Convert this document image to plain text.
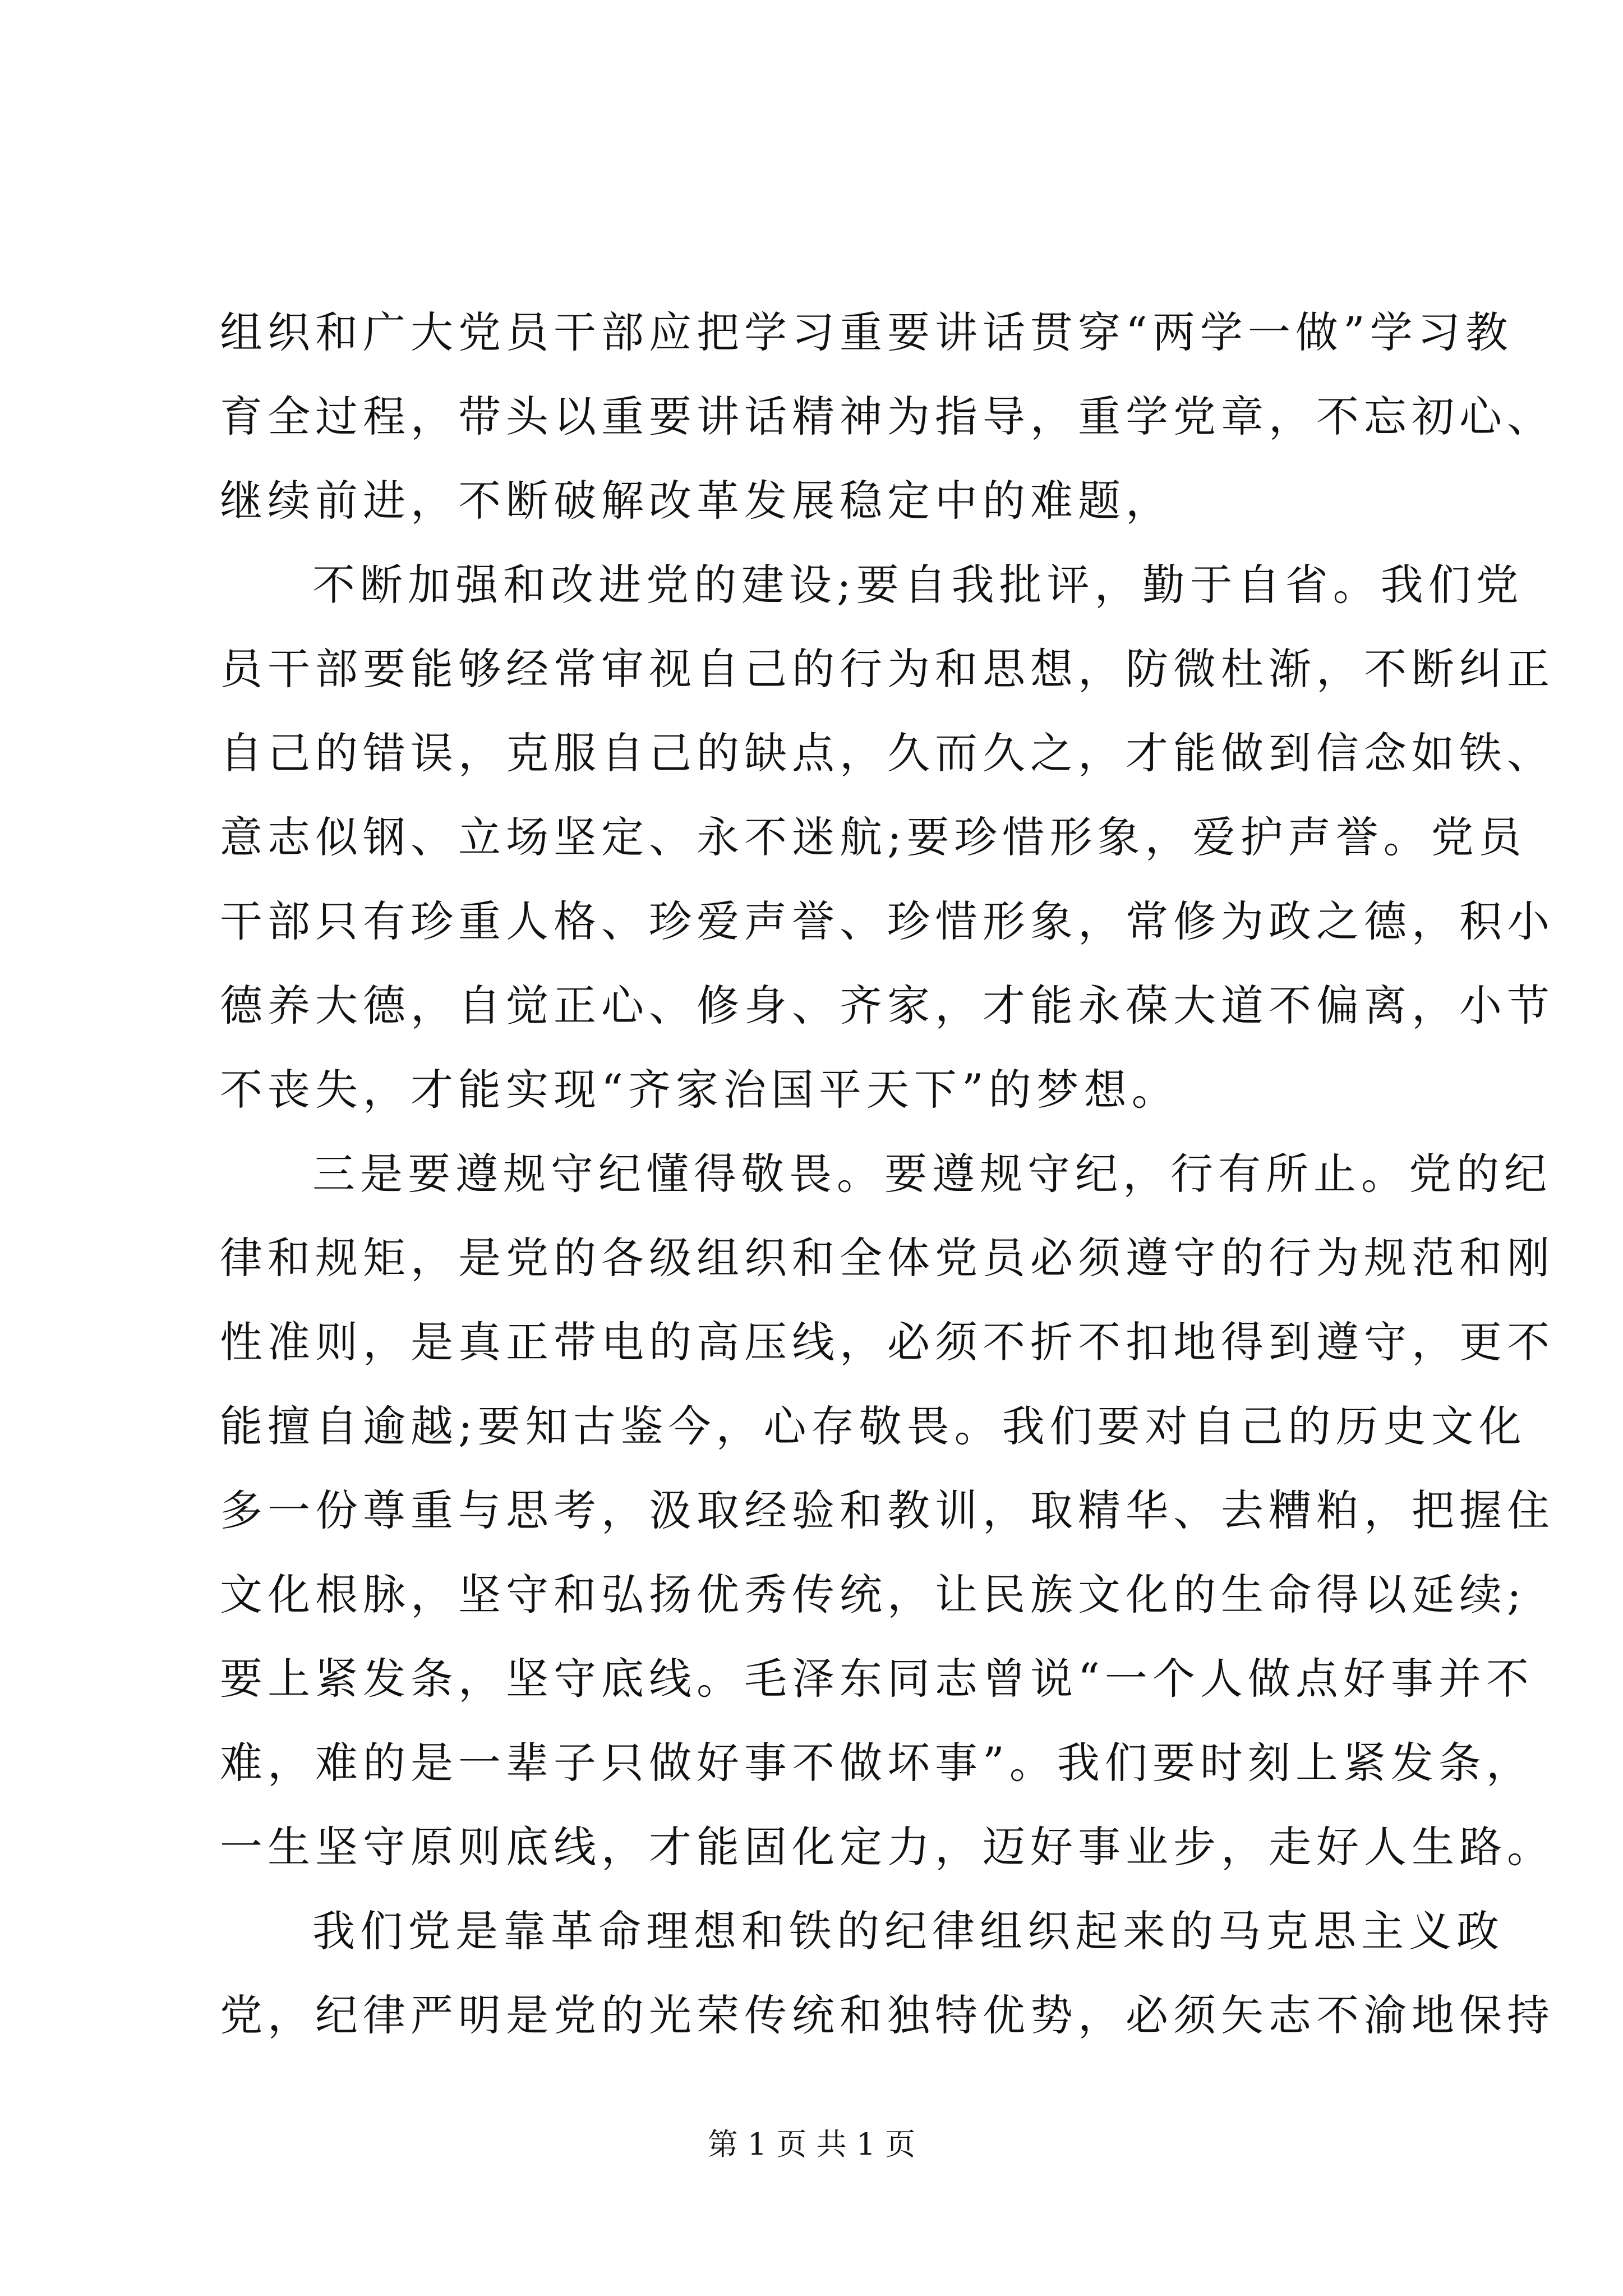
组织和广大党员干部应把学习重要讲话贯穿“两学一做”学习教
育全过程，带头以重要讲话精神为指导，重学党章，不忘初心、
继续前进，不断破解改革发展稳定中的难题，
不断加强和改进党的建设;要自我批评，勤于自省。我们党
员干部要能够经常审视自己的行为和思想，防微杜渐，不断纠正
自己的错误，克服自己的缺点，久而久之，才能做到信念如铁、
意志似钢、立场坚定、永不迷航;要珍惜形象，爱护声誉。党员
干部只有珍重人格、珍爱声誉、珍惜形象，常修为政之德，积小
德养大德，自觉正心、修身、齐家，才能永葆大道不偏离，小节
不丧失，才能实现“齐家治国平天下”的梦想。
三是要遵规守纪懂得敬畏。要遵规守纪，行有所止。党的纪
律和规矩，是党的各级组织和全体党员必须遵守的行为规范和刚
性准则，是真正带电的高压线，必须不折不扣地得到遵守，更不
能擅自逾越;要知古鉴今，心存敬畏。我们要对自己的历史文化
多一份尊重与思考，汲取经验和教训，取精华、去糟粕，把握住
文化根脉，坚守和弘扬优秀传统，让民族文化的生命得以延续;
要上紧发条，坚守底线。毛泽东同志曾说“一个人做点好事并不
难，难的是一辈子只做好事不做坏事”。我们要时刻上紧发条，
一生坚守原则底线，才能固化定力，迈好事业步，走好人生路。
我们党是靠革命理想和铁的纪律组织起来的马克思主义政
党，纪律严明是党的光荣传统和独特优势，必须矢志不渝地保持
第 1 页 共 1 页
